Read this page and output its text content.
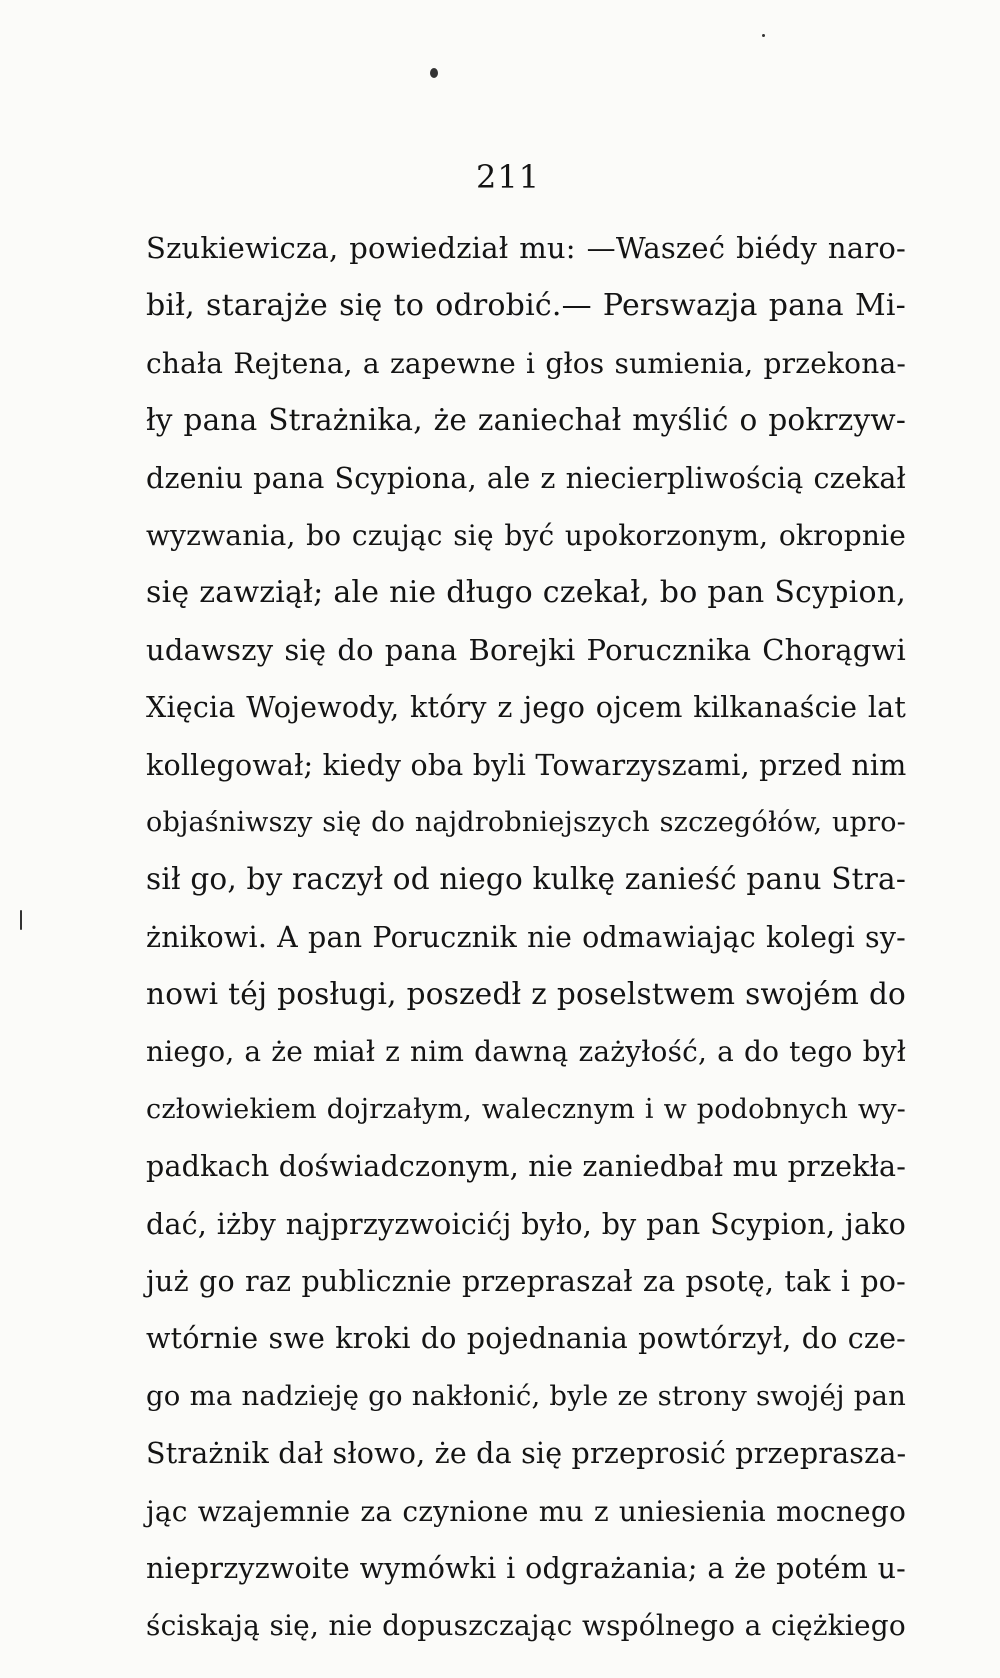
211
Szukiewicza, powiedział mu: —Waszeć biédy naro-
bił, starajże się to odrobić.— Perswazja pana Mi-
chała Rejtena, a zapewne i głos sumienia, przekona-
ły pana Strażnika, że zaniechał myślić o pokrzyw-
dzeniu pana Scypiona, ale z niecierpliwością czekał
wyzwania, bo czując się być upokorzonym, okropnie
się zawziął; ale nie długo czekał, bo pan Scypion,
udawszy się do pana Borejki Porucznika Chorągwi
Xięcia Wojewody, który z jego ojcem kilkanaście lat
kollegował; kiedy oba byli Towarzyszami, przed nim
objaśniwszy się do najdrobniejszych szczegółów, upro-
sił go, by raczył od niego kulkę zanieść panu Stra-
żnikowi. A pan Porucznik nie odmawiając kolegi sy-
nowi téj posługi, poszedł z poselstwem swojém do
niego, a że miał z nim dawną zażyłość, a do tego był
człowiekiem dojrzałym, walecznym i w podobnych wy-
padkach doświadczonym, nie zaniedbał mu przekła-
dać, iżby najprzyzwoicićj było, by pan Scypion, jako
już go raz publicznie przepraszał za psotę, tak i po-
wtórnie swe kroki do pojednania powtórzył, do cze-
go ma nadzieję go nakłonić, byle ze strony swojéj pan
Strażnik dał słowo, że da się przeprosić przepraszа-
jąc wzajemnie za czynione mu z uniesienia mocnego
nieprzyzwoite wymówki i odgrażania; a że potém u-
ściskają się, nie dopuszczając wspólnego a ciężkiego
